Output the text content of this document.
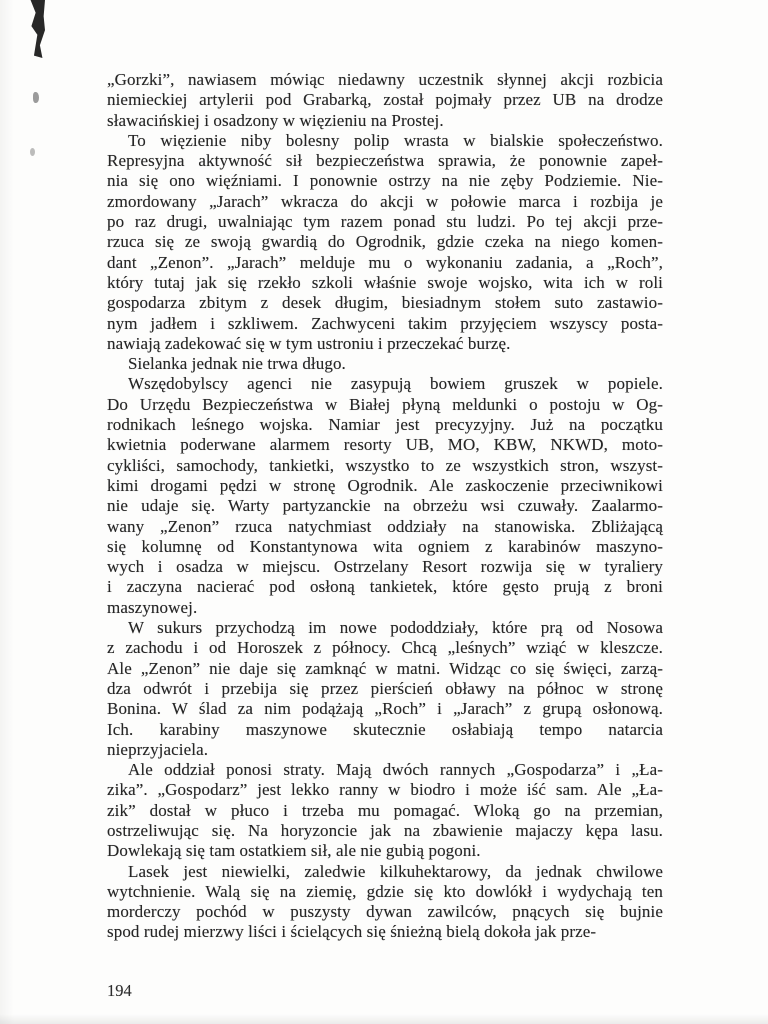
„Gorzki”, nawiasem mówiąc niedawny uczestnik słynnej akcji rozbicia
niemieckiej artylerii pod Grabarką, został pojmały przez UB na drodze
sławacińskiej i osadzony w więzieniu na Prostej.
To więzienie niby bolesny polip wrasta w bialskie społeczeństwo.
Represyjna aktywność sił bezpieczeństwa sprawia, że ponownie zapeł-
nia się ono więźniami. I ponownie ostrzy na nie zęby Podziemie. Nie-
zmordowany „Jarach” wkracza do akcji w połowie marca i rozbija je
po raz drugi, uwalniając tym razem ponad stu ludzi. Po tej akcji prze-
rzuca się ze swoją gwardią do Ogrodnik, gdzie czeka na niego komen-
dant „Zenon”. „Jarach” melduje mu o wykonaniu zadania, a „Roch”,
który tutaj jak się rzekło szkoli właśnie swoje wojsko, wita ich w roli
gospodarza zbitym z desek długim, biesiadnym stołem suto zastawio-
nym jadłem i szkliwem. Zachwyceni takim przyjęciem wszyscy posta-
nawiają zadekować się w tym ustroniu i przeczekać burzę.
Sielanka jednak nie trwa długo.
Wszędobylscy agenci nie zasypują bowiem gruszek w popiele.
Do Urzędu Bezpieczeństwa w Białej płyną meldunki o postoju w Og-
rodnikach leśnego wojska. Namiar jest precyzyjny. Już na początku
kwietnia poderwane alarmem resorty UB, MO, KBW, NKWD, moto-
cykliści, samochody, tankietki, wszystko to ze wszystkich stron, wszyst-
kimi drogami pędzi w stronę Ogrodnik. Ale zaskoczenie przeciwnikowi
nie udaje się. Warty partyzanckie na obrzeżu wsi czuwały. Zaalarmo-
wany „Zenon” rzuca natychmiast oddziały na stanowiska. Zbliżającą
się kolumnę od Konstantynowa wita ogniem z karabinów maszyno-
wych i osadza w miejscu. Ostrzelany Resort rozwija się w tyraliery
i zaczyna nacierać pod osłoną tankietek, które gęsto prują z broni
maszynowej.
W sukurs przychodzą im nowe pododdziały, które prą od Nosowa
z zachodu i od Horoszek z północy. Chcą „leśnych” wziąć w kleszcze.
Ale „Zenon” nie daje się zamknąć w matni. Widząc co się święci, zarzą-
dza odwrót i przebija się przez pierścień obławy na północ w stronę
Bonina. W ślad za nim podążają „Roch” i „Jarach” z grupą osłonową.
Ich. karabiny maszynowe skutecznie osłabiają tempo natarcia
nieprzyjaciela.
Ale oddział ponosi straty. Mają dwóch rannych „Gospodarza” i „Ła-
zika”. „Gospodarz” jest lekko ranny w biodro i może iść sam. Ale „Ła-
zik” dostał w płuco i trzeba mu pomagać. Wloką go na przemian,
ostrzeliwując się. Na horyzoncie jak na zbawienie majaczy kępa lasu.
Dowlekają się tam ostatkiem sił, ale nie gubią pogoni.
Lasek jest niewielki, zaledwie kilkuhektarowy, da jednak chwilowe
wytchnienie. Walą się na ziemię, gdzie się kto dowlókł i wydychają ten
morderczy pochód w puszysty dywan zawilców, pnących się bujnie
spod rudej mierzwy liści i ścielących się śnieżną bielą dokoła jak prze-
194
